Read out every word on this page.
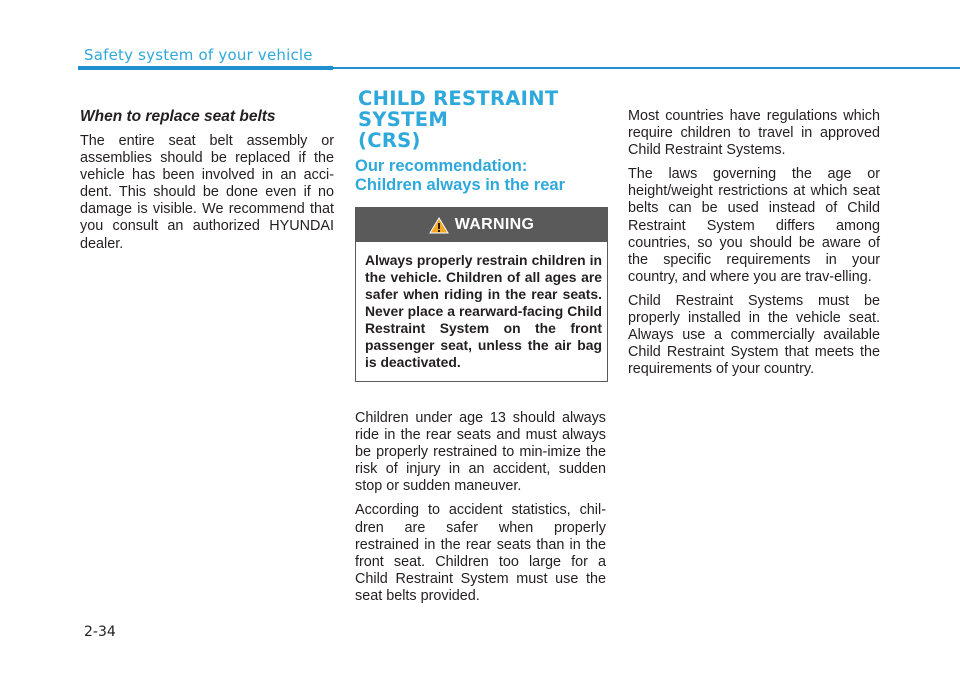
Safety system of your vehicle
When to replace seat belts

The entire seat belt assembly or assemblies should be replaced if the vehicle has been involved in an acci-dent. This should be done even if no damage is visible. We recommend that you consult an authorized HYUNDAI dealer.

CHILD RESTRAINT SYSTEM
(CRS)
Our recommendation:
Children always in the rear
WARNING
Always properly restrain children in the vehicle. Children of all ages are safer when riding in the rear seats. Never place a rearward-facing Child Restraint System on the front passenger seat, unless the air bag is deactivated.

Children under age 13 should always ride in the rear seats and must always be properly restrained to min-imize the risk of injury in an accident, sudden stop or sudden maneuver.

According to accident statistics, chil-dren are safer when properly restrained in the rear seats than in the front seat. Children too large for a Child Restraint System must use the seat belts provided.

Most countries have regulations which require children to travel in approved Child Restraint Systems.

The laws governing the age or height/weight restrictions at which seat belts can be used instead of Child Restraint System differs among countries, so you should be aware of the specific requirements in your country, and where you are trav-elling.

Child Restraint Systems must be properly installed in the vehicle seat. Always use a commercially available Child Restraint System that meets the requirements of your country.

2-34
